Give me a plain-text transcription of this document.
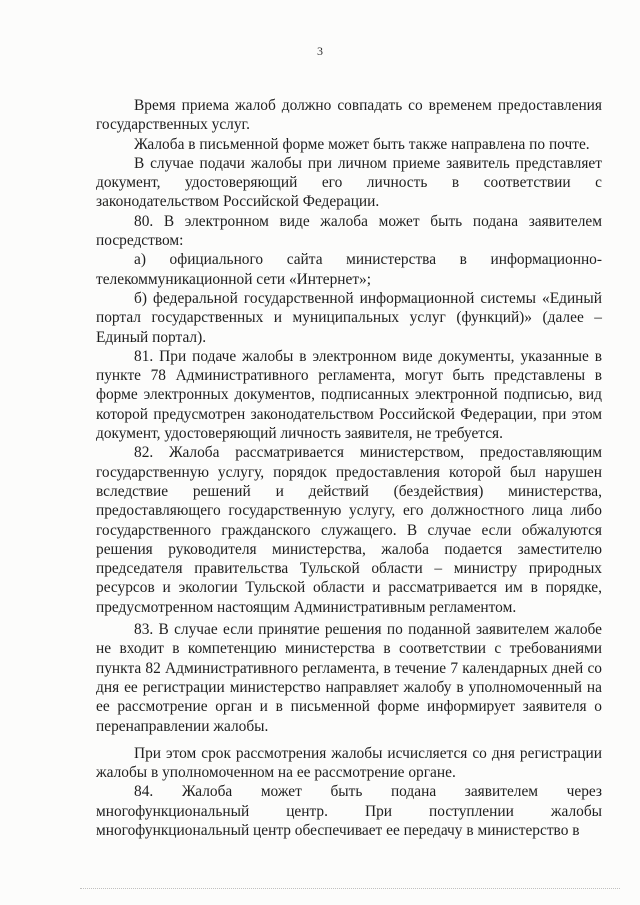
3

Время приема жалоб должно совпадать со временем предоставления государственных услуг.

Жалоба в письменной форме может быть также направлена по почте.

В случае подачи жалобы при личном приеме заявитель представляет документ, удостоверяющий его личность в соответствии с законодательством Российской Федерации.

80. В электронном виде жалоба может быть подана заявителем посредством:

а) официального сайта министерства в информационно-телекоммуникационной сети «Интернет»;

б) федеральной государственной информационной системы «Единый портал государственных и муниципальных услуг (функций)» (далее – Единый портал).

81. При подаче жалобы в электронном виде документы, указанные в пункте 78 Административного регламента, могут быть представлены в форме электронных документов, подписанных электронной подписью, вид которой предусмотрен законодательством Российской Федерации, при этом документ, удостоверяющий личность заявителя, не требуется.

82. Жалоба рассматривается министерством, предоставляющим государственную услугу, порядок предоставления которой был нарушен вследствие решений и действий (бездействия) министерства, предоставляющего государственную услугу, его должностного лица либо государственного гражданского служащего. В случае если обжалуются решения руководителя министерства, жалоба подается заместителю председателя правительства Тульской области – министру природных ресурсов и экологии Тульской области и рассматривается им в порядке, предусмотренном настоящим Административным регламентом.

83. В случае если принятие решения по поданной заявителем жалобе не входит в компетенцию министерства в соответствии с требованиями пункта 82 Административного регламента, в течение 7 календарных дней со дня ее регистрации министерство направляет жалобу в уполномоченный на ее рассмотрение орган и в письменной форме информирует заявителя о перенаправлении жалобы.

При этом срок рассмотрения жалобы исчисляется со дня регистрации жалобы в уполномоченном на ее рассмотрение органе.

84. Жалоба может быть подана заявителем через многофункциональный центр. При поступлении жалобы многофункциональный центр обеспечивает ее передачу в министерство в
